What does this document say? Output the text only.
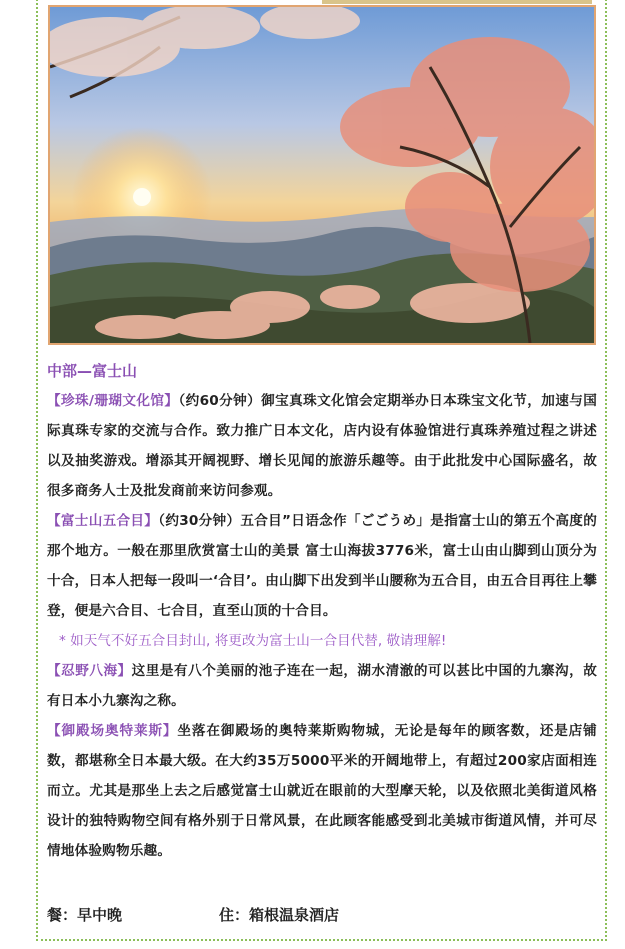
中部—富士山

【珍珠/珊瑚文化馆】（约60分钟）御宝真珠文化馆会定期举办日本珠宝文化节，加速与国际真珠专家的交流与合作。致力推广日本文化，店内设有体验馆进行真珠养殖过程之讲述以及抽奖游戏。增添其开阔视野、增长见闻的旅游乐趣等。由于此批发中心国际盛名，故很多商务人士及批发商前来访问参观。

【富士山五合目】（约30分钟）五合目”日语念作「ごごうめ」是指富士山的第五个高度的那个地方。一般在那里欣赏富士山的美景 富士山海拔3776米，富士山由山脚到山顶分为十合，日本人把每一段叫一‘合目’。由山脚下出发到半山腰称为五合目，由五合目再往上攀登，便是六合目、七合目，直至山顶的十合目。

* 如天气不好五合目封山, 将更改为富士山一合目代替, 敬请理解!

【忍野八海】这里是有八个美丽的池子连在一起，湖水清澈的可以甚比中国的九寨沟，故有日本小九寨沟之称。

【御殿场奥特莱斯】坐落在御殿场的奥特莱斯购物城，无论是每年的顾客数，还是店铺数，都堪称全日本最大级。在大约35万5000平米的开阔地带上，有超过200家店面相连而立。尤其是那坐上去之后感觉富士山就近在眼前的大型摩天轮，以及依照北美街道风格设计的独特购物空间有格外别于日常风景，在此顾客能感受到北美城市街道风情，并可尽情地体验购物乐趣。

餐：早中晚	住：箱根温泉酒店
